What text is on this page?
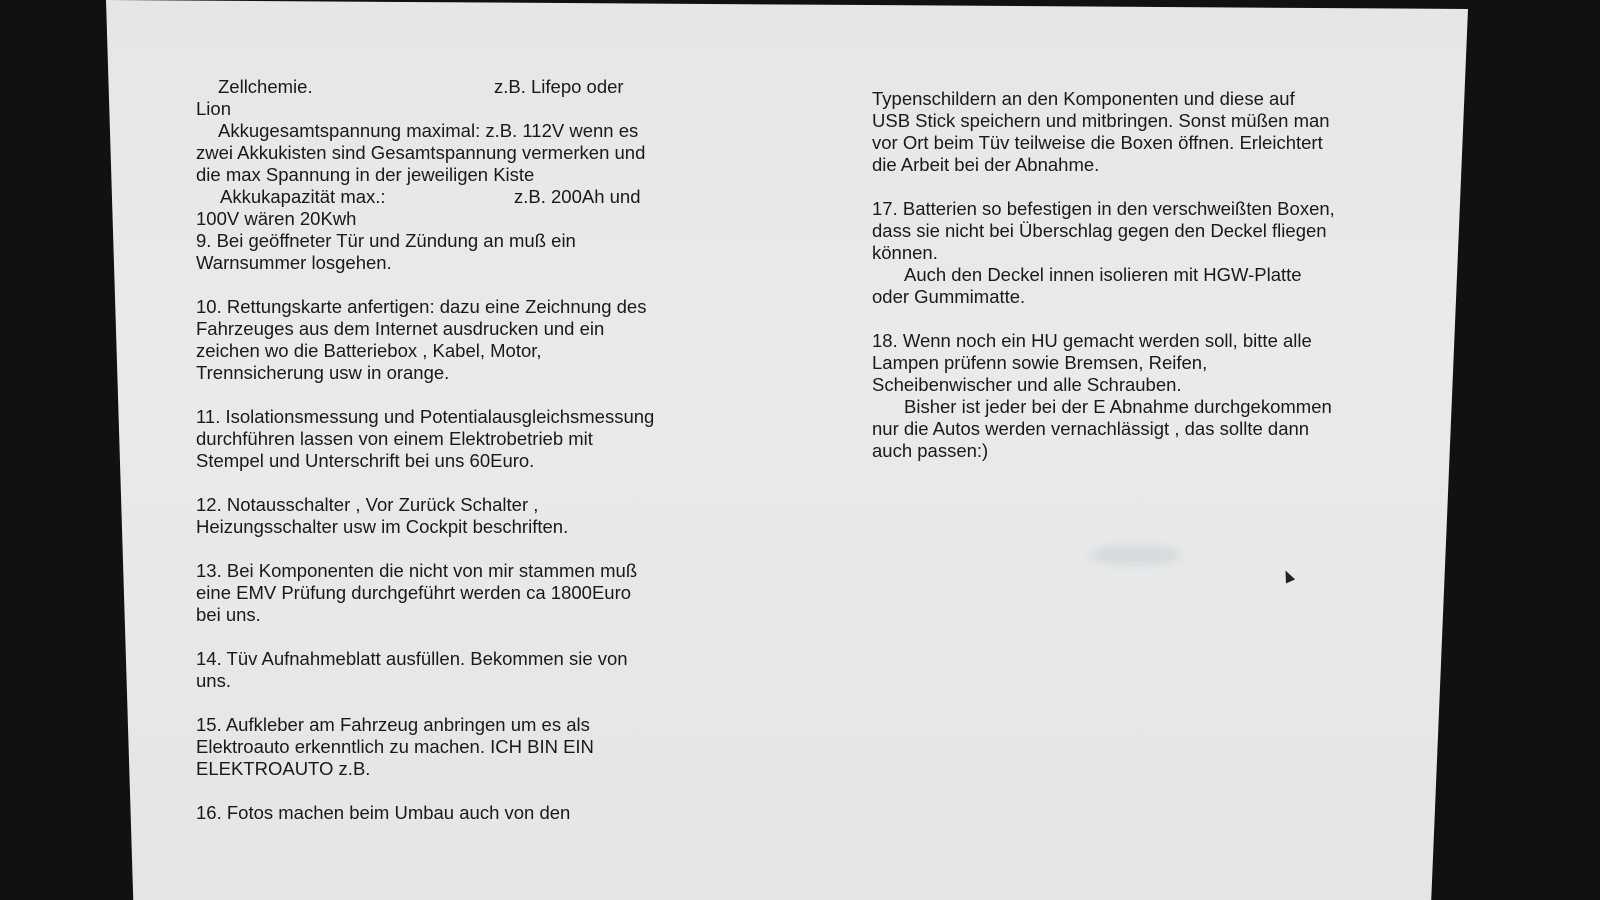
Zellchemie.	z.B. Lifepo oder
Lion
Akkugesamtspannung maximal: z.B. 112V wenn es
zwei Akkukisten sind Gesamtspannung vermerken und
die max Spannung in der jeweiligen Kiste
Akkukapazität max.:	z.B. 200Ah und
100V wären 20Kwh
9. Bei geöffneter Tür und Zündung an muß ein
Warnsummer losgehen.
10. Rettungskarte anfertigen: dazu eine Zeichnung des
Fahrzeuges aus dem Internet ausdrucken und ein
zeichen wo die Batteriebox , Kabel, Motor,
Trennsicherung usw in orange.
11. Isolationsmessung und Potentialausgleichsmessung
durchführen lassen von einem Elektrobetrieb mit
Stempel und Unterschrift bei uns 60Euro.
12. Notausschalter , Vor Zurück Schalter ,
Heizungsschalter usw im Cockpit beschriften.
13. Bei Komponenten die nicht von mir stammen muß
eine EMV Prüfung durchgeführt werden ca 1800Euro
bei uns.
14. Tüv Aufnahmeblatt ausfüllen. Bekommen sie von
uns.
15. Aufkleber am Fahrzeug anbringen um es als
Elektroauto erkenntlich zu machen. ICH BIN EIN
ELEKTROAUTO z.B.
16. Fotos machen beim Umbau auch von den
Typenschildern an den Komponenten und diese auf
USB Stick speichern und mitbringen. Sonst müßen man
vor Ort beim Tüv teilweise die Boxen öffnen. Erleichtert
die Arbeit bei der Abnahme.
17. Batterien so befestigen in den verschweißten Boxen,
dass sie nicht bei Überschlag gegen den Deckel fliegen
können.
Auch den Deckel innen isolieren mit HGW-Platte
oder Gummimatte.
18. Wenn noch ein HU gemacht werden soll, bitte alle
Lampen prüfenn sowie Bremsen, Reifen,
Scheibenwischer und alle Schrauben.
Bisher ist jeder bei der E Abnahme durchgekommen
nur die Autos werden vernachlässigt , das sollte dann
auch passen:)
